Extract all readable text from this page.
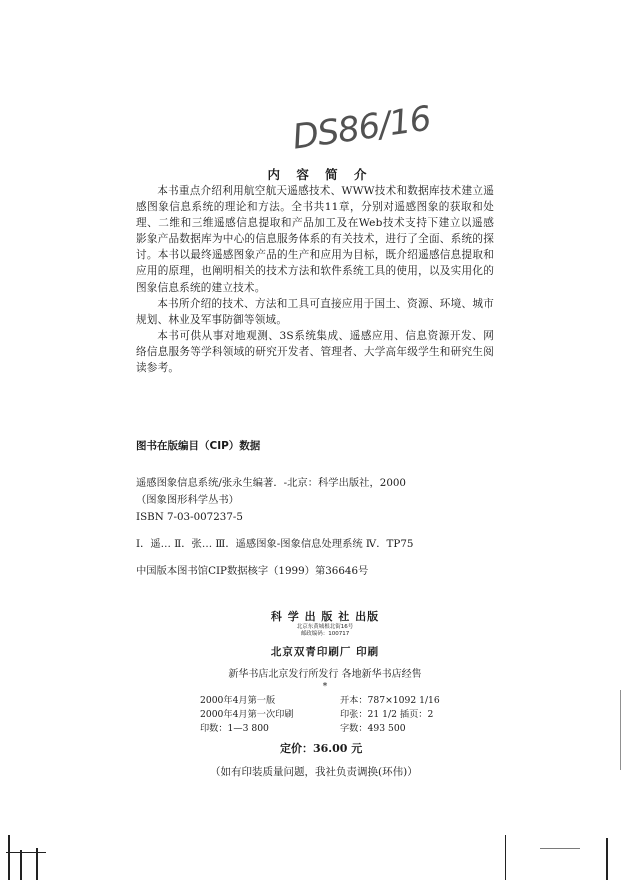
DS86/16
内 容 简 介

本书重点介绍利用航空航天遥感技术、WWW技术和数据库技术建立遥感图象信息系统的理论和方法。全书共11章，分别对遥感图象的获取和处理、二维和三维遥感信息提取和产品加工及在Web技术支持下建立以遥感影象产品数据库为中心的信息服务体系的有关技术，进行了全面、系统的探讨。本书以最终遥感图象产品的生产和应用为目标，既介绍遥感信息提取和应用的原理，也阐明相关的技术方法和软件系统工具的使用，以及实用化的图象信息系统的建立技术。

本书所介绍的技术、方法和工具可直接应用于国土、资源、环境、城市规划、林业及军事防御等领域。

本书可供从事对地观测、3S系统集成、遥感应用、信息资源开发、网络信息服务等学科领域的研究开发者、管理者、大学高年级学生和研究生阅读参考。

图书在版编目（CIP）数据
遥感图象信息系统/张永生编著．-北京：科学出版社，2000
（图象图形科学丛书）
ISBN 7-03-007237-5
Ⅰ．遥… Ⅱ．张… Ⅲ．遥感图象-图象信息处理系统 Ⅳ．TP75
中国版本图书馆CIP数据核字（1999）第36646号
科 学 出 版 社 出版
北京东黄城根北街16号
邮政编码：100717
北京双青印刷厂 印刷
新华书店北京发行所发行 各地新华书店经售
*
2000年4月第一版	开本：787×1092 1/16
2000年4月第一次印刷	印张：21 1/2 插页：2
印数：1—3 800	字数：493 500
定价：36.00 元
（如有印装质量问题，我社负责调换(环伟)）
